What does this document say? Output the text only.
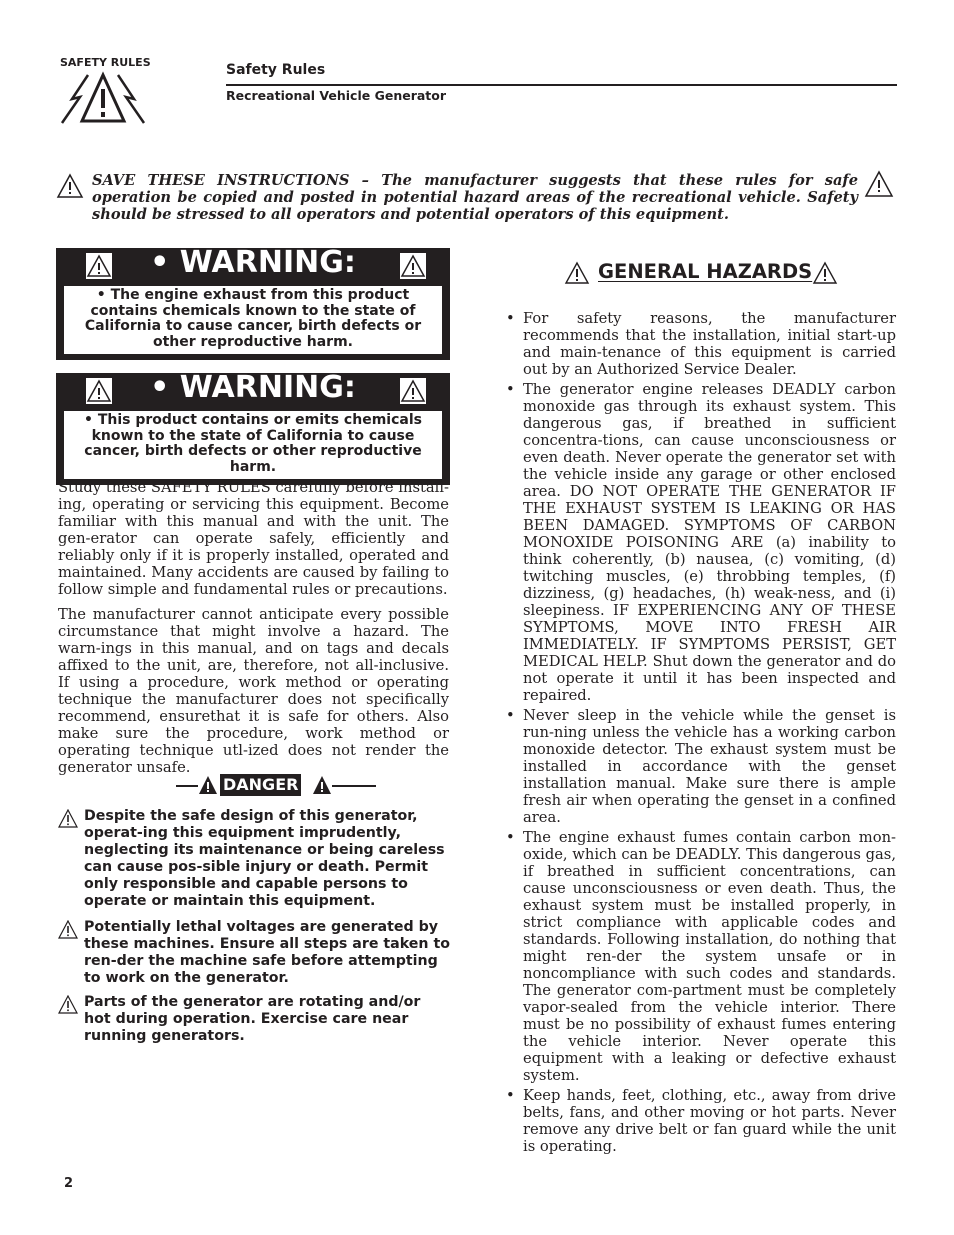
SAFETY RULES	Safety Rules
Recreational Vehicle Generator
SAVE THESE INSTRUCTIONS – The manufacturer suggests that these rules for safe operation be copied and posted in potential hazard areas of the recreational vehicle. Safety should be stressed to all operators and potential operators of this equipment.
• WARNING:
• The engine exhaust from this product contains chemicals known to the state of California to cause cancer, birth defects or other reproductive harm.
• WARNING:
• This product contains or emits chemicals known to the state of California to cause cancer, birth defects or other reproductive harm.
Study these SAFETY RULES carefully before install-ing, operating or servicing this equipment. Become familiar with this manual and with the unit. The gen-erator can operate safely, efficiently and reliably only if it is properly installed, operated and maintained. Many accidents are caused by failing to follow simple and fundamental rules or precautions.
The manufacturer cannot anticipate every possible circumstance that might involve a hazard. The warn-ings in this manual, and on tags and decals affixed to the unit, are, therefore, not all-inclusive. If using a procedure, work method or operating technique the manufacturer does not specifically recommend, ensurethat it is safe for others. Also make sure the procedure, work method or operating technique utl-ized does not render the generator unsafe.
DANGER
Despite the safe design of this generator, operat-ing this equipment imprudently, neglecting its maintenance or being careless can cause pos-sible injury or death. Permit only responsible and capable persons to operate or maintain this equipment.
Potentially lethal voltages are generated by these machines. Ensure all steps are taken to ren-der the machine safe before attempting to work on the generator.
Parts of the generator are rotating and/or hot during operation. Exercise care near running generators.
GENERAL HAZARDS
• For safety reasons, the manufacturer recommends that the installation, initial start-up and main-tenance of this equipment is carried out by an Authorized Service Dealer.
• The generator engine releases DEADLY carbon monoxide gas through its exhaust system. This dangerous gas, if breathed in sufficient concentra-tions, can cause unconsciousness or even death. Never operate the generator set with the vehicle inside any garage or other enclosed area. DO NOT OPERATE THE GENERATOR IF THE EXHAUST SYSTEM IS LEAKING OR HAS BEEN DAMAGED. SYMPTOMS OF CARBON MONOXIDE POISONING ARE (a) inability to think coherently, (b) nausea, (c) vomiting, (d) twitching muscles, (e) throbbing temples, (f) dizziness, (g) headaches, (h) weak-ness, and (i) sleepiness. IF EXPERIENCING ANY OF THESE SYMPTOMS, MOVE INTO FRESH AIR IMMEDIATELY. IF SYMPTOMS PERSIST, GET MEDICAL HELP. Shut down the generator and do not operate it until it has been inspected and repaired.
• Never sleep in the vehicle while the genset is run-ning unless the vehicle has a working carbon monoxide detector. The exhaust system must be installed in accordance with the genset installation manual. Make sure there is ample fresh air when operating the genset in a confined area.
• The engine exhaust fumes contain carbon mon-oxide, which can be DEADLY. This dangerous gas, if breathed in sufficient concentrations, can cause unconsciousness or even death. Thus, the exhaust system must be installed properly, in strict compliance with applicable codes and standards. Following installation, do nothing that might ren-der the system unsafe or in noncompliance with such codes and standards. The generator com-partment must be completely vapor-sealed from the vehicle interior. There must be no possibility of exhaust fumes entering the vehicle interior. Never operate this equipment with a leaking or defective exhaust system.
• Keep hands, feet, clothing, etc., away from drive belts, fans, and other moving or hot parts. Never remove any drive belt or fan guard while the unit is operating.
2
